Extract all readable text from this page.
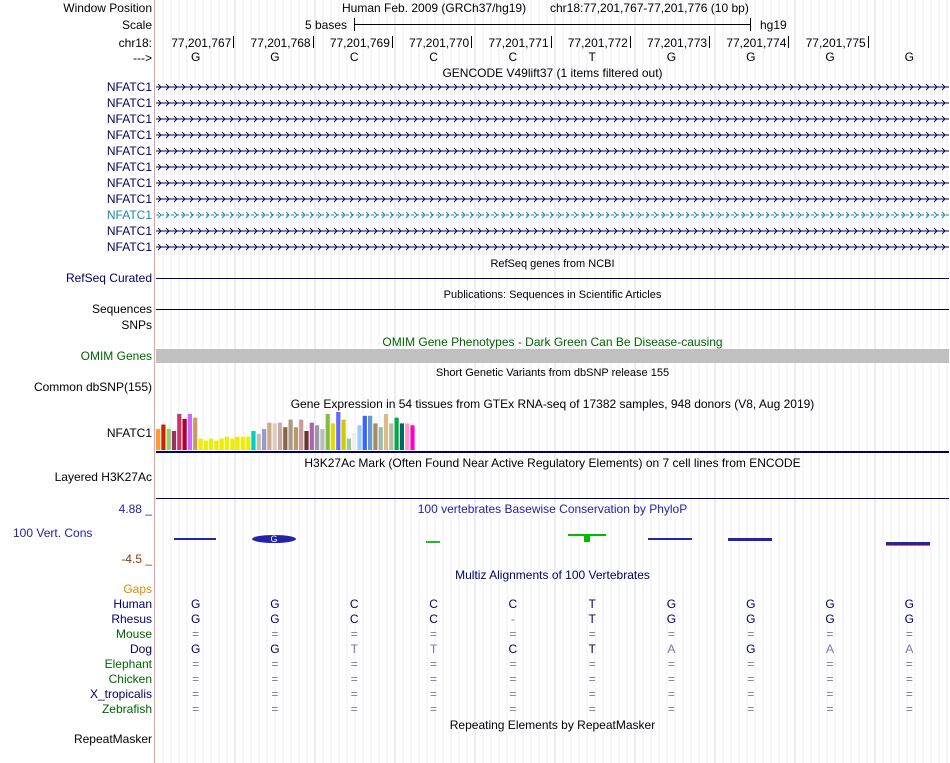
Window Position	Human Feb. 2009 (GRCh37/hg19) chr18:77,201,767-77,201,776 (10 bp)
Scale	5 bases	hg19
chr18:	77,201,767	77,201,768	77,201,769	77,201,770	77,201,771	77,201,772	77,201,773	77,201,774	77,201,775
--->	G	G	C	C	C	T	G	G	G	G
GENCODE V49lift37 (1 items filtered out)
NFATC1
NFATC1
NFATC1
NFATC1
NFATC1
NFATC1
NFATC1
NFATC1
NFATC1
NFATC1
NFATC1
RefSeq genes from NCBI
RefSeq Curated
Publications: Sequences in Scientific Articles
Sequences
SNPs
OMIM Gene Phenotypes - Dark Green Can Be Disease-causing
OMIM Genes
Short Genetic Variants from dbSNP release 155
Common dbSNP(155)
Gene Expression in 54 tissues from GTEx RNA-seq of 17382 samples, 948 donors (V8, Aug 2019)
NFATC1
H3K27Ac Mark (Often Found Near Active Regulatory Elements) on 7 cell lines from ENCODE
Layered H3K27Ac
100 vertebrates Basewise Conservation by PhyloP
4.88 _
100 Vert. Cons
-4.5 _
G
Multiz Alignments of 100 Vertebrates
Gaps
Human	G	G	C	C	C	T	G	G	G	G
Rhesus	G	G	C	C	-	T	G	G	G	G
Mouse	=	=	=	=	=	=	=	=	=	=
Dog	G	G	T	T	C	T	A	G	A	A
Elephant	=	=	=	=	=	=	=	=	=	=
Chicken	=	=	=	=	=	=	=	=	=	=
X_tropicalis	=	=	=	=	=	=	=	=	=	=
Zebrafish	=	=	=	=	=	=	=	=	=	=
Repeating Elements by RepeatMasker
RepeatMasker
